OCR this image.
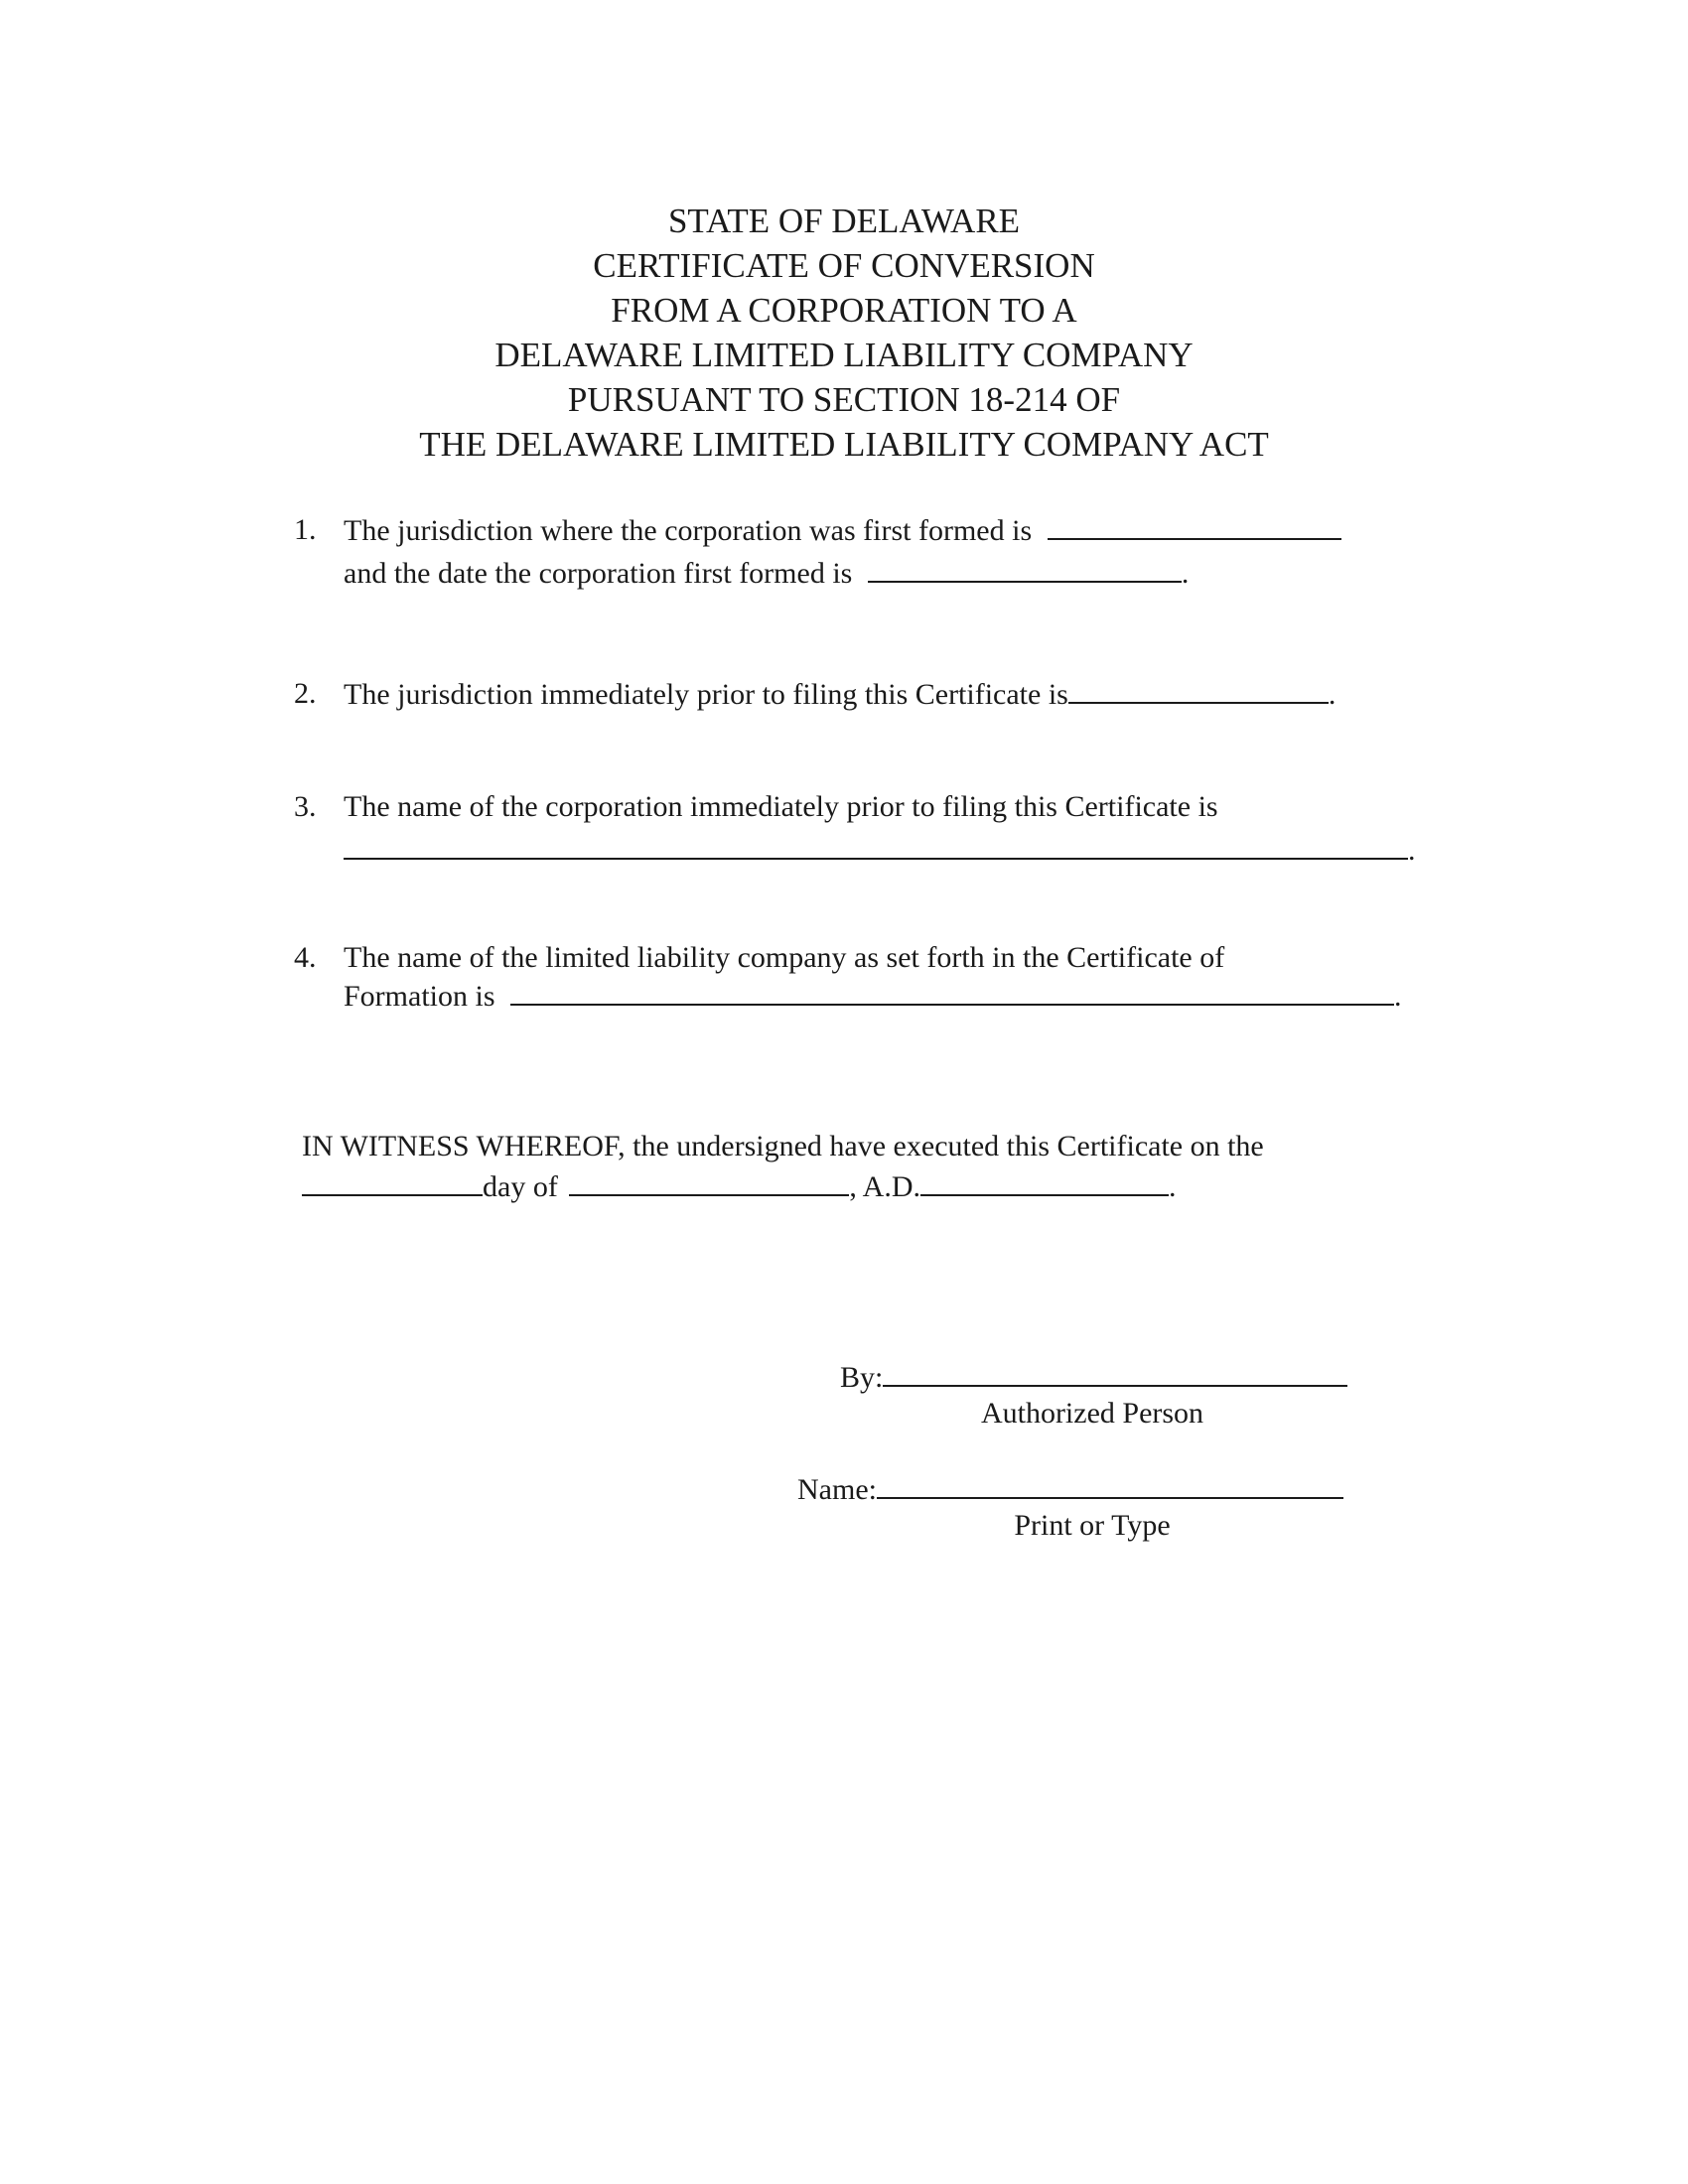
STATE OF DELAWARE
CERTIFICATE OF CONVERSION
FROM A CORPORATION TO A
DELAWARE LIMITED LIABILITY COMPANY
PURSUANT TO SECTION 18-214 OF
THE DELAWARE LIMITED LIABILITY COMPANY ACT
1. The jurisdiction where the corporation was first formed is
and the date the corporation first formed is	.
2. The jurisdiction immediately prior to filing this Certificate is	.
3. The name of the corporation immediately prior to filing this Certificate is
.
4. The name of the limited liability company as set forth in the Certificate of
Formation is	.
IN WITNESS WHEREOF, the undersigned have executed this Certificate on the
day of	, A.D.	.
By:
Authorized Person
Name:
Print or Type
